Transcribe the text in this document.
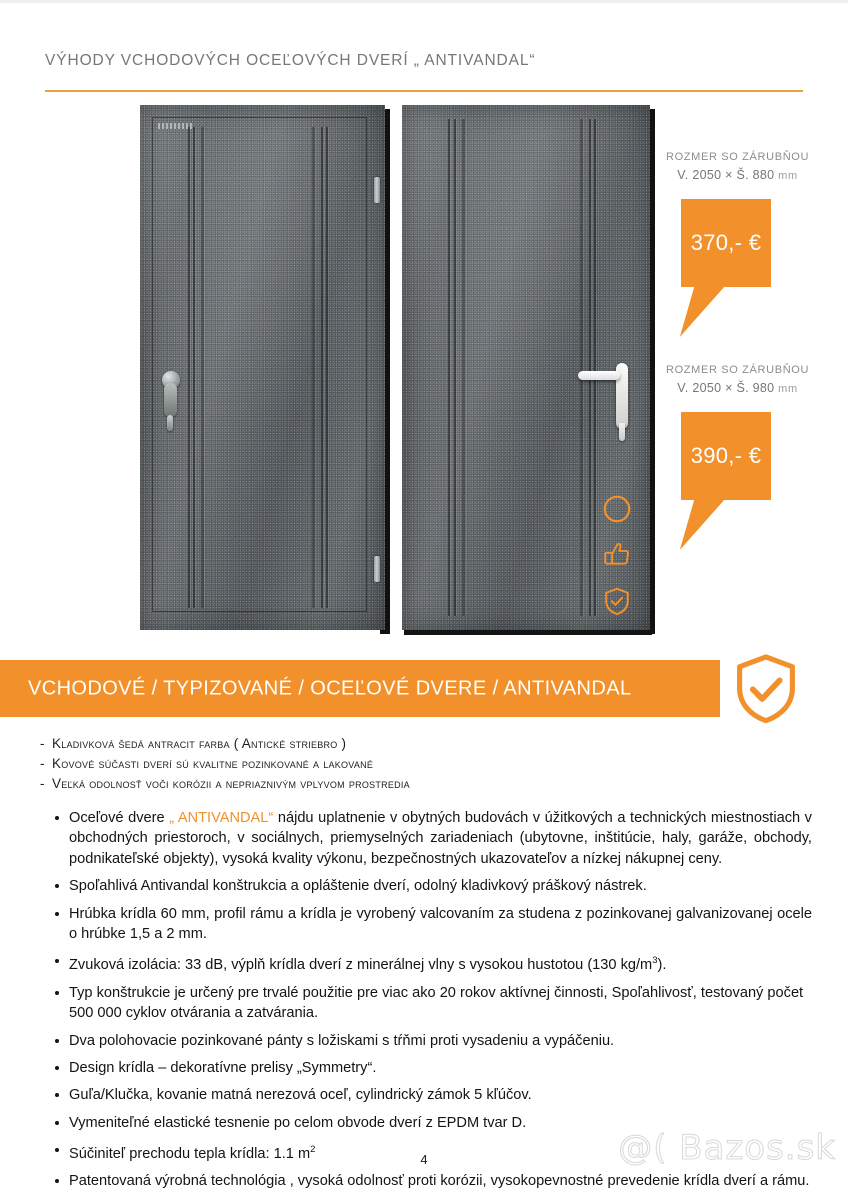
VÝHODY VCHODOVÝCH OCEĽOVÝCH DVERÍ „ ANTIVANDAL“
ROZMER SO ZÁRUBŇOU
V. 2050 × Š. 880 mm
370,- €
ROZMER SO ZÁRUBŇOU
V. 2050 × Š. 980 mm
390,- €
VCHODOVÉ / TYPIZOVANÉ / OCEĽOVÉ DVERE / ANTIVANDAL
- Kladivková šedá antracit farba ( Antické striebro )
- Kovové súčasti dverí sú kvalitne pozinkované a lakované
- Veľká odolnosť voči korózii a nepriaznivým vplyvom prostredia
Oceľové dvere „ ANTIVANDAL“ nájdu uplatnenie v obytných budovách v úžitkových a technických miestnostiach v obchodných priestoroch, v sociálnych, priemyselných zariadeniach (ubytovne, inštitúcie, haly, garáže, obchody, podnikateľské objekty), vysoká kvality výkonu, bezpečnostných ukazovateľov a nízkej nákupnej ceny.
Spoľahlivá Antivandal konštrukcia a opláštenie dverí, odolný kladivkový práškový nástrek.
Hrúbka krídla 60 mm, profil rámu a krídla je vyrobený valcovaním za studena z pozinkovanej galvanizovanej ocele o hrúbke 1,5 a 2 mm.
Zvuková izolácia: 33 dB, výplň krídla dverí z minerálnej vlny s vysokou hustotou (130 $kg/m^3$).
Typ konštrukcie je určený pre trvalé použitie pre viac ako 20 rokov aktívnej činnosti, Spoľahlivosť, testovaný počet 500 000 cyklov otvárania a zatvárania.
Dva polohovacie pozinkované pánty s ložiskami s tŕňmi proti vysadeniu a vypáčeniu.
Design krídla – dekoratívne prelisy „Symmetry“.
Guľa/Klučka, kovanie matná nerezová oceľ, cylindrický zámok 5 kľúčov.
Vymeniteľné elastické tesnenie po celom obvode dverí z EPDM tvar D.
Súčiniteľ prechodu tepla krídla: 1.1 $m^2$
Patentovaná výrobná technológia , vysoká odolnosť proti korózii, vysokopevnostné prevedenie krídla dverí a rámu.
4	@( Bazos.sk
